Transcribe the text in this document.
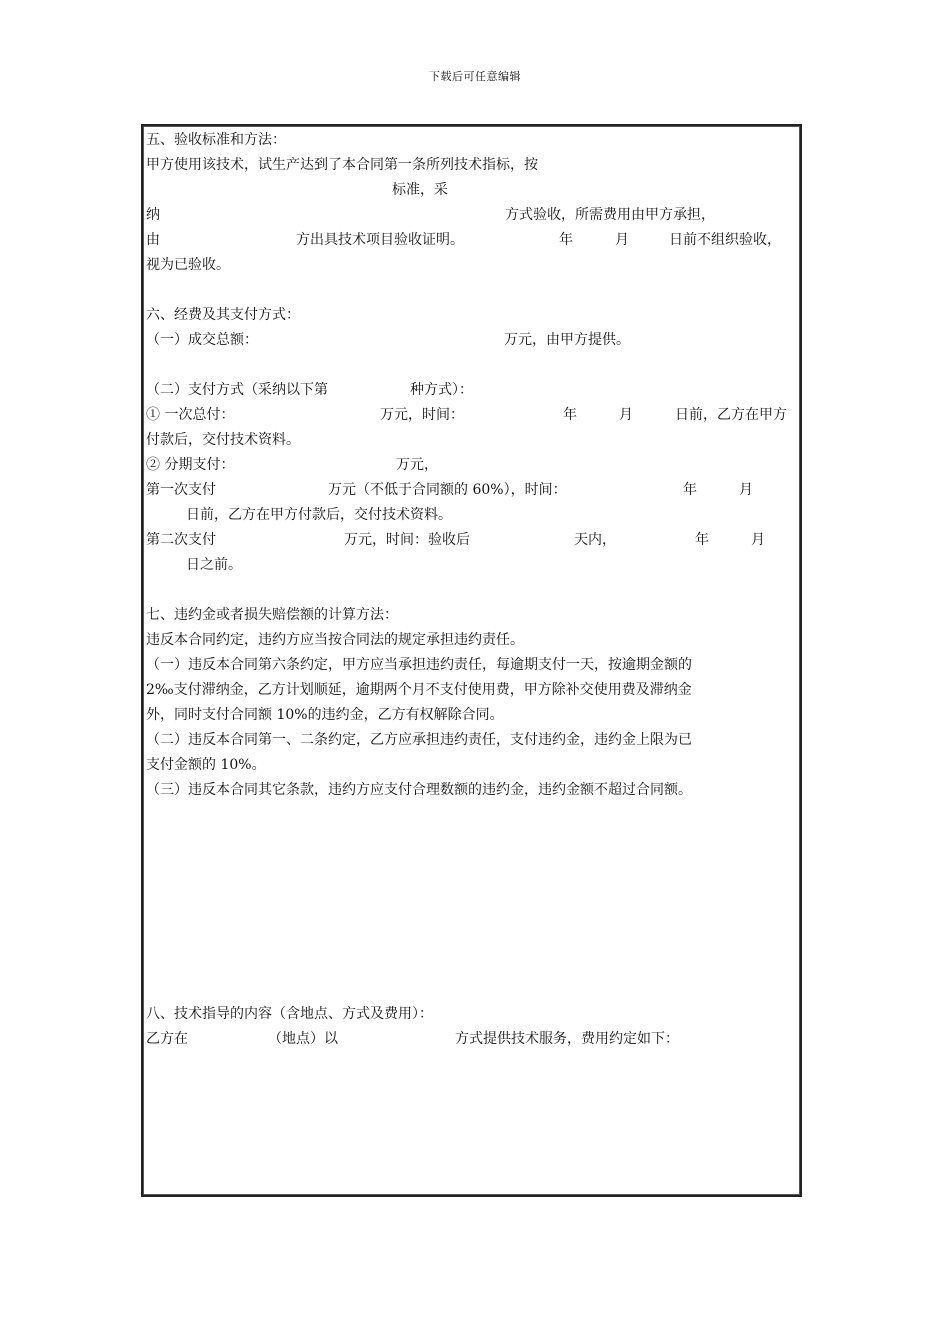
下载后可任意编辑
五、验收标准和方法：
甲方使用该技术，试生产达到了本合同第一条所列技术指标，按
标准，采
纳	方式验收，所需费用由甲方承担，
由	方出具技术项目验收证明。	年	月	日前不组织验收，
视为已验收。
六、经费及其支付方式：
（一）成交总额：	万元，由甲方提供。
（二）支付方式（采纳以下第	种方式）：
① 一次总付：	万元，时间：	年	月	日前，乙方在甲方
付款后，交付技术资料。
② 分期支付：	万元，
第一次支付	万元（不低于合同额的 60%），时间：	年	月
日前，乙方在甲方付款后，交付技术资料。
第二次支付	万元，时间：验收后	天内，	年	月
日之前。
七、违约金或者损失赔偿额的计算方法：
违反本合同约定，违约方应当按合同法的规定承担违约责任。
（一）违反本合同第六条约定，甲方应当承担违约责任，每逾期支付一天，按逾期金额的
2‰支付滞纳金，乙方计划顺延，逾期两个月不支付使用费，甲方除补交使用费及滞纳金
外，同时支付合同额 10%的违约金，乙方有权解除合同。
（二）违反本合同第一、二条约定，乙方应承担违约责任，支付违约金，违约金上限为已
支付金额的 10%。
（三）违反本合同其它条款，违约方应支付合理数额的违约金，违约金额不超过合同额。
八、技术指导的内容（含地点、方式及费用）：
乙方在	（地点）以	方式提供技术服务，费用约定如下：
